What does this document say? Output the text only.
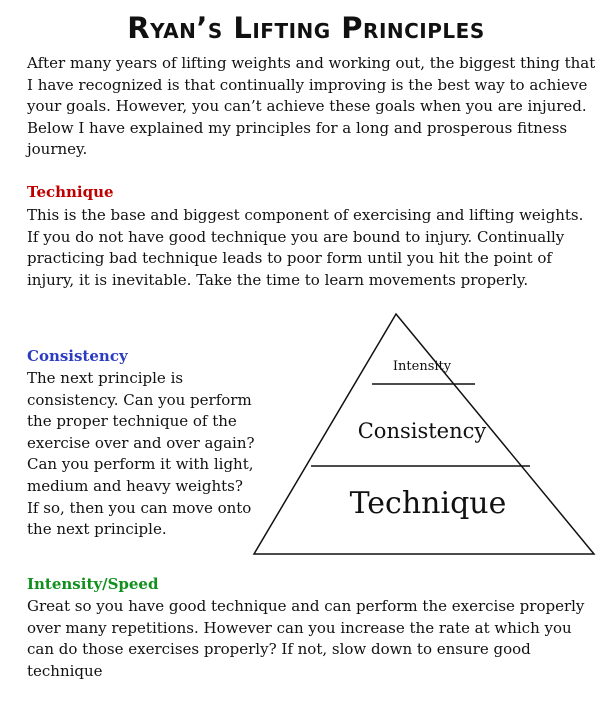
Ryan’s Lifting Principles

After many years of lifting weights and working out, the biggest thing that I have recognized is that continually improving is the best way to achieve your goals. However, you can’t achieve these goals when you are injured. Below I have explained my principles for a long and prosperous fitness journey.

Technique

This is the base and biggest component of exercising and lifting weights. If you do not have good technique you are bound to injury. Continually practicing bad technique leads to poor form until you hit the point of injury, it is inevitable. Take the time to learn movements properly.

Consistency

The next principle is consistency. Can you perform the proper technique of the exercise over and over again? Can you perform it with light, medium and heavy weights? If so, then you can move onto the next principle.

Intensity
Consistency
Technique
Intensity/Speed

Great so you have good technique and can perform the exercise properly over many repetitions. However can you increase the rate at which you can do those exercises properly? If not, slow down to ensure good technique
